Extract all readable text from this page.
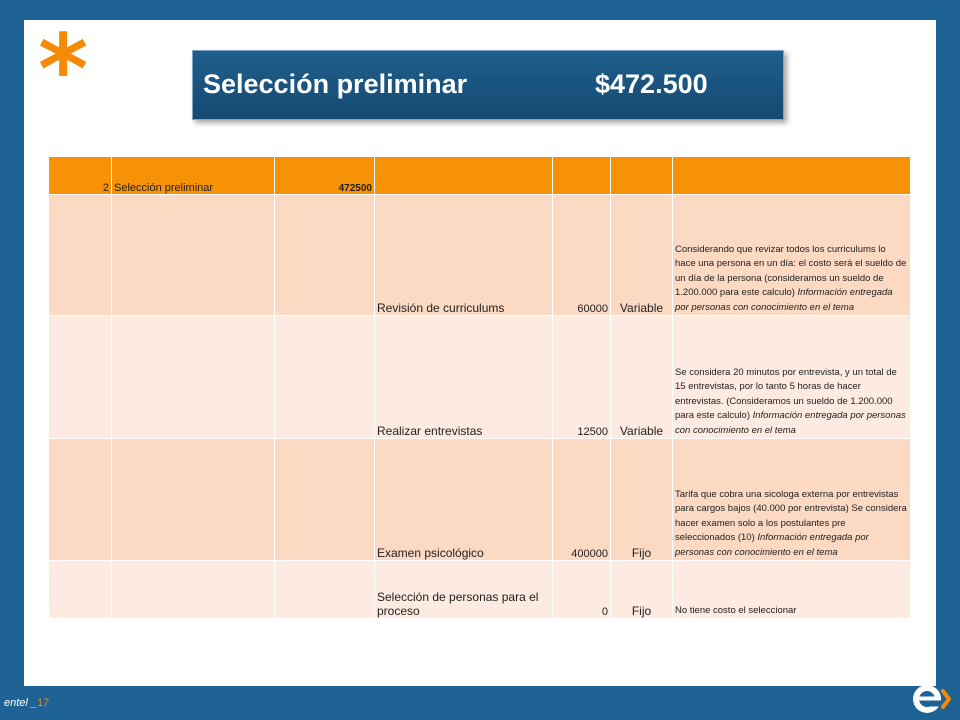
*	Selección preliminar	$472.500
2	Selección preliminar	472500				
			Revisión de curriculums	60000	Variable	Considerando que revizar todos los curriculums lo hace una persona en un día: el costo será el sueldo de un día de la persona (consideramos un sueldo de 1.200.000 para este calculo) Información entregada por personas con conocimiento en el tema
			Realizar entrevistas	12500	Variable	Se considera 20 minutos por entrevista, y un total de 15 entrevistas, por lo tanto 5 horas de hacer entrevistas. (Consideramos un sueldo de 1.200.000 para este calculo) Información entregada por personas con conocimiento en el tema
			Examen psicológico	400000	Fijo	Tarifa que cobra una sicologa externa por entrevistas para cargos bajos (40.000 por entrevista) Se considera hacer examen solo a los postulantes pre seleccionados (10) Información entregada por personas con conocimiento en el tema
			Selección de personas para el proceso	0	Fijo	No tiene costo el seleccionar
entel _17
